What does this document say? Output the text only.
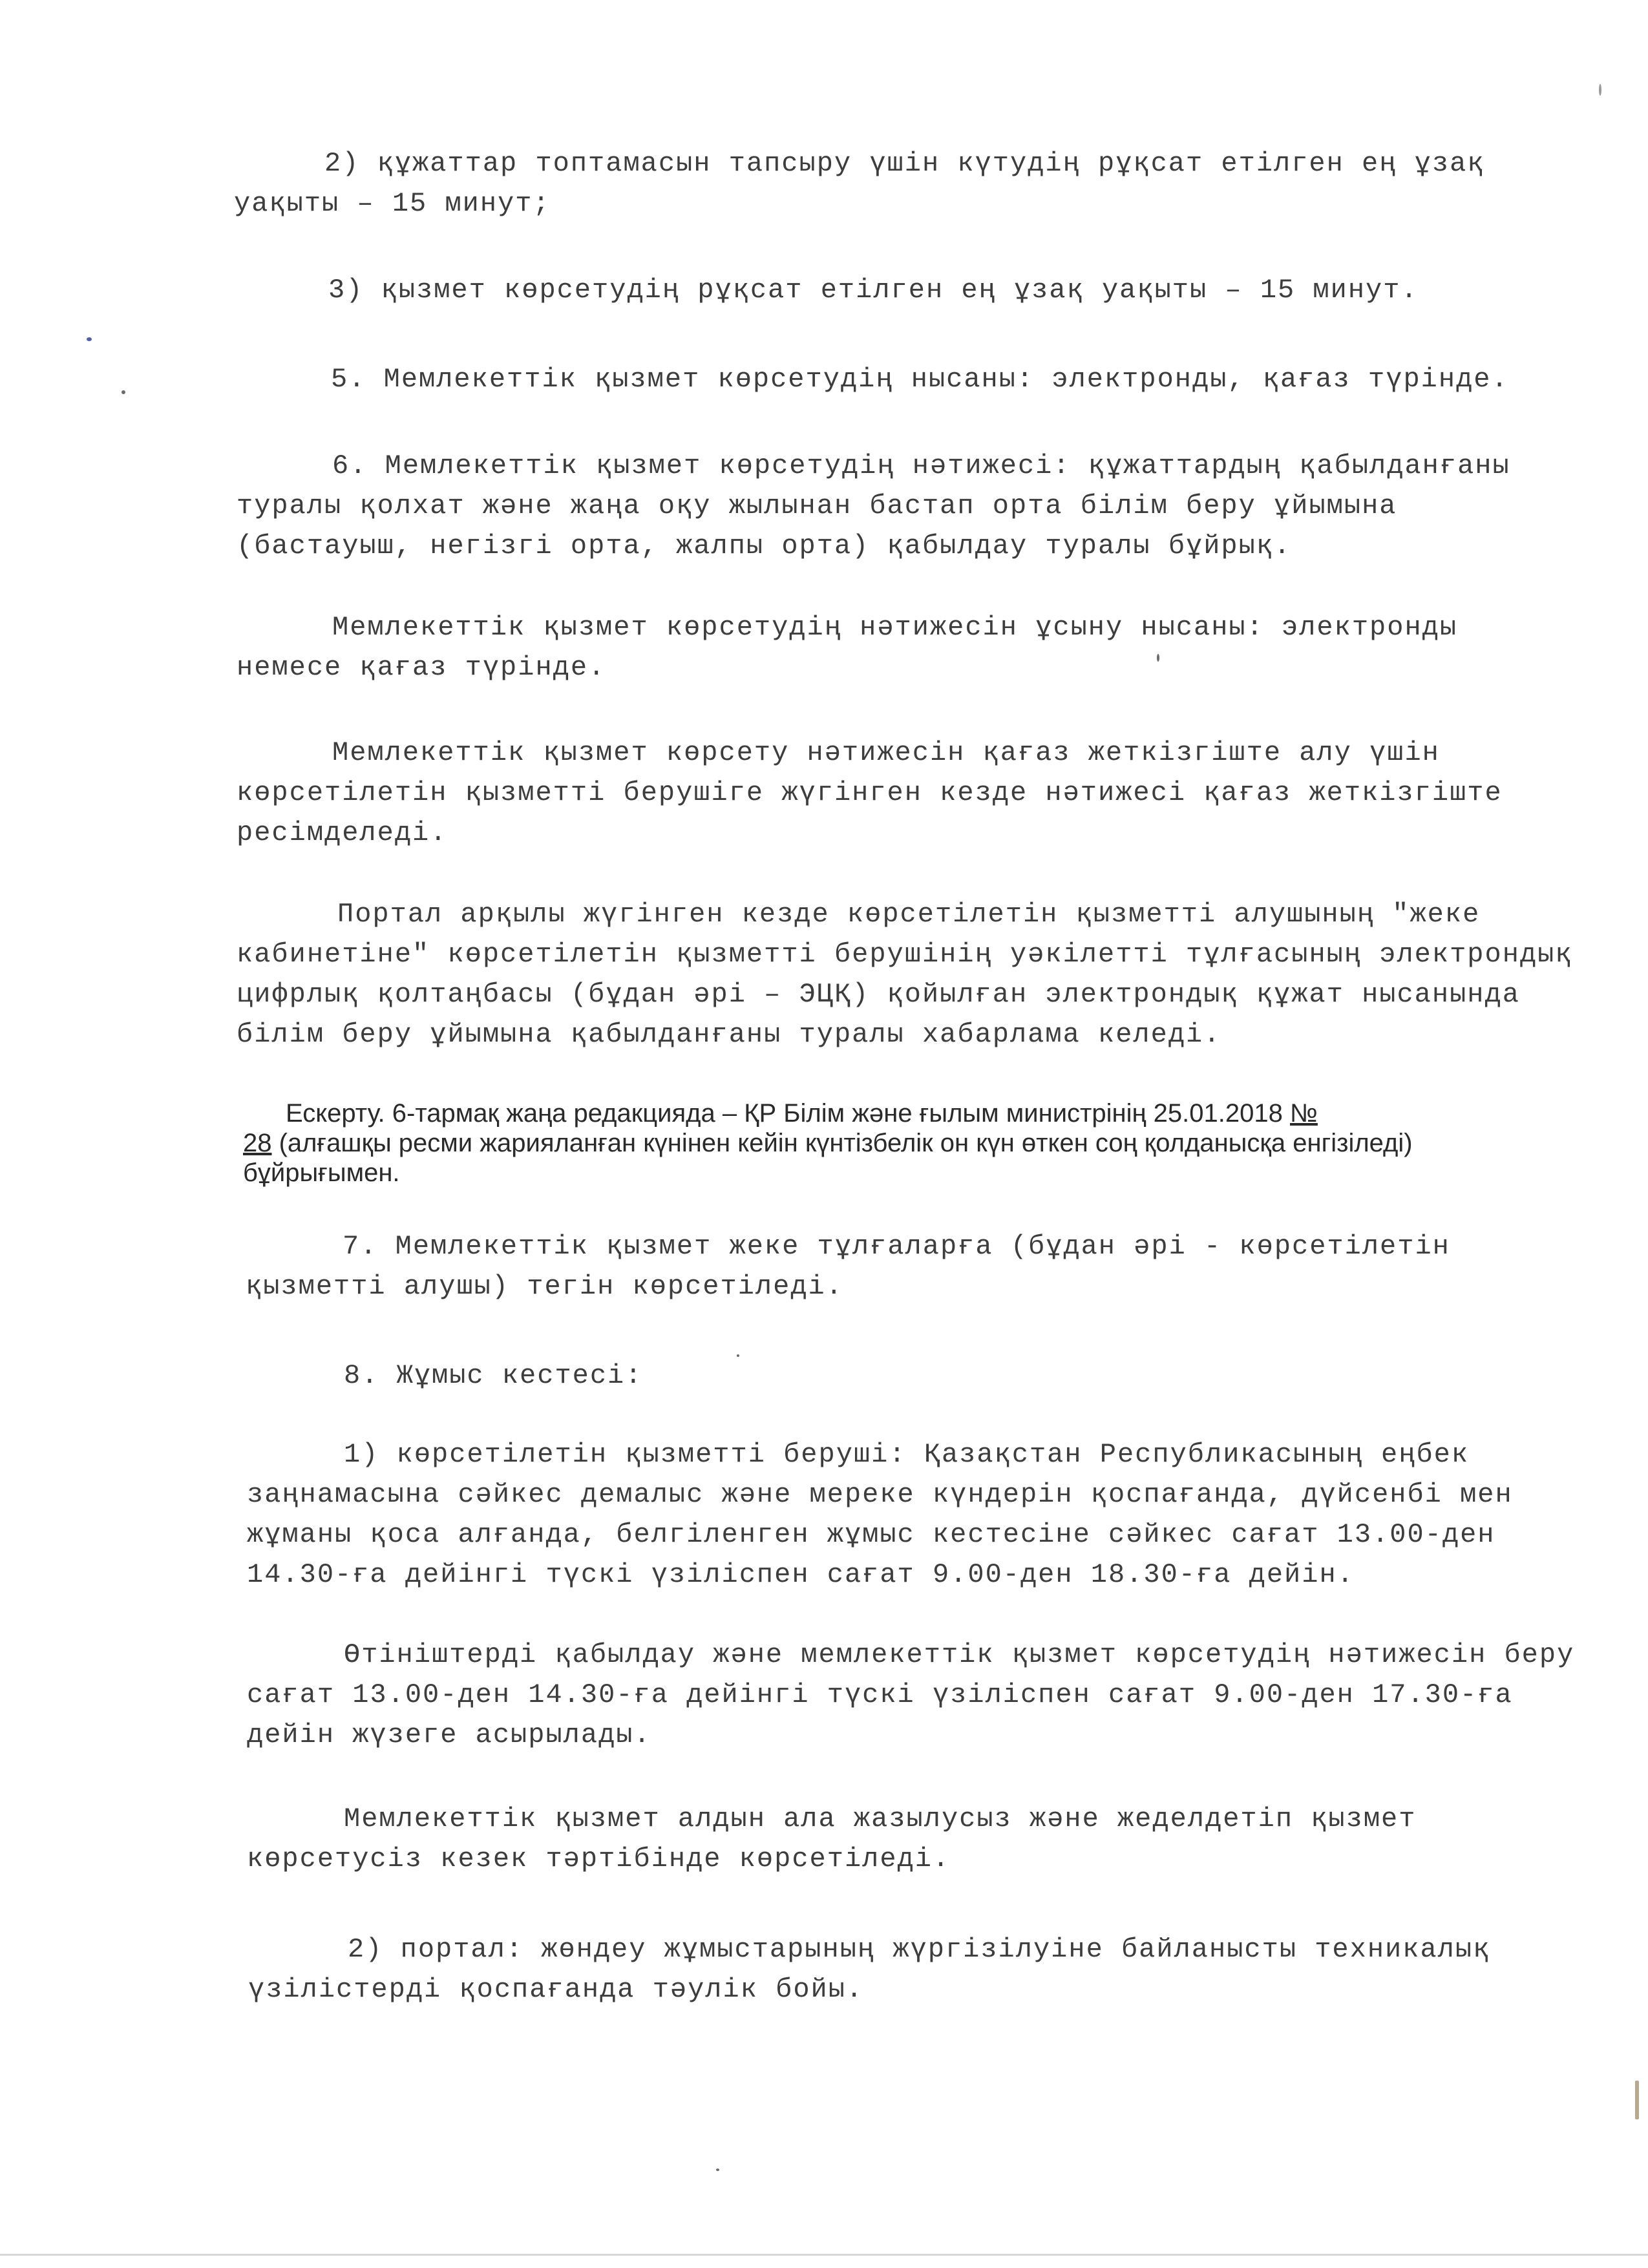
2) құжаттар топтамасын тапсыру үшін күтудің рұқсат етілген ең ұзақ
уақыты – 15 минут;
3) қызмет көрсетудің рұқсат етілген ең ұзақ уақыты – 15 минут.
5. Мемлекеттік қызмет көрсетудің нысаны: электронды, қағаз түрінде.
6. Мемлекеттік қызмет көрсетудің нәтижесі: құжаттардың қабылданғаны
туралы қолхат және жаңа оқу жылынан бастап орта білім беру ұйымына
(бастауыш, негізгі орта, жалпы орта) қабылдау туралы бұйрық.
Мемлекеттік қызмет көрсетудің нәтижесін ұсыну нысаны: электронды
немесе қағаз түрінде.
Мемлекеттік қызмет көрсету нәтижесін қағаз жеткізгіште алу үшін
көрсетілетін қызметті берушіге жүгінген кезде нәтижесі қағаз жеткізгіште
ресімделеді.
Портал арқылы жүгінген кезде көрсетілетін қызметті алушының "жеке
кабинетіне" көрсетілетін қызметті берушінің уәкілетті тұлғасының электрондық
цифрлық қолтаңбасы (бұдан әрі – ЭЦҚ) қойылған электрондық құжат нысанында
білім беру ұйымына қабылданғаны туралы хабарлама келеді.
Ескерту. 6-тармақ жаңа редакцияда – ҚР Білім және ғылым министрінің 25.01.2018 №
28 (алғашқы ресми жарияланған күнінен кейін күнтізбелік он күн өткен соң қолданысқа енгізіледі)
бұйрығымен.
7. Мемлекеттік қызмет жеке тұлғаларға (бұдан әрі - көрсетілетін
қызметті алушы) тегін көрсетіледі.
8. Жұмыс кестесі:
1) көрсетілетін қызметті беруші: Қазақстан Республикасының еңбек
заңнамасына сәйкес демалыс және мереке күндерін қоспағанда, дүйсенбі мен
жұманы қоса алғанда, белгіленген жұмыс кестесіне сәйкес сағат 13.00-ден
14.30-ға дейінгі түскі үзіліспен сағат 9.00-ден 18.30-ға дейін.
Өтініштерді қабылдау және мемлекеттік қызмет көрсетудің нәтижесін беру
сағат 13.00-ден 14.30-ға дейінгі түскі үзіліспен сағат 9.00-ден 17.30-ға
дейін жүзеге асырылады.
Мемлекеттік қызмет алдын ала жазылусыз және жеделдетіп қызмет
көрсетусіз кезек тәртібінде көрсетіледі.
2) портал: жөндеу жұмыстарының жүргізілуіне байланысты техникалық
үзілістерді қоспағанда тәулік бойы.
